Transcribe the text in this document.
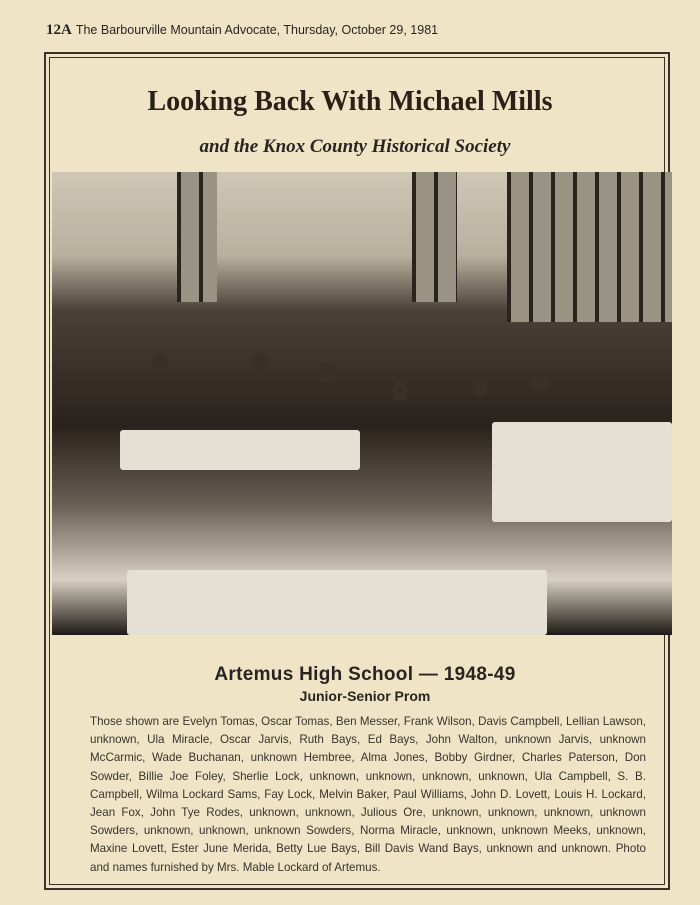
12A The Barbourville Mountain Advocate, Thursday, October 29, 1981
Looking Back With Michael Mills
and the Knox County Historical Society
Artemus High School — 1948-49
Junior-Senior Prom
Those shown are Evelyn Tomas, Oscar Tomas, Ben Messer, Frank Wilson, Davis Campbell, Lellian Lawson, unknown, Ula Miracle, Oscar Jarvis, Ruth Bays, Ed Bays, John Walton, unknown Jarvis, unknown McCarmic, Wade Buchanan, unknown Hembree, Alma Jones, Bobby Girdner, Charles Paterson, Don Sowder, Billie Joe Foley, Sherlie Lock, unknown, unknown, unknown, unknown, Ula Campbell, S. B. Campbell, Wilma Lockard Sams, Fay Lock, Melvin Baker, Paul Williams, John D. Lovett, Louis H. Lockard, Jean Fox, John Tye Rodes, unknown, unknown, Julious Ore, unknown, unknown, unknown, unknown Sowders, unknown, unknown, unknown Sowders, Norma Miracle, unknown, unknown Meeks, unknown, Maxine Lovett, Ester June Merida, Betty Lue Bays, Bill Davis Wand Bays, unknown and unknown. Photo and names furnished by Mrs. Mable Lockard of Artemus.
